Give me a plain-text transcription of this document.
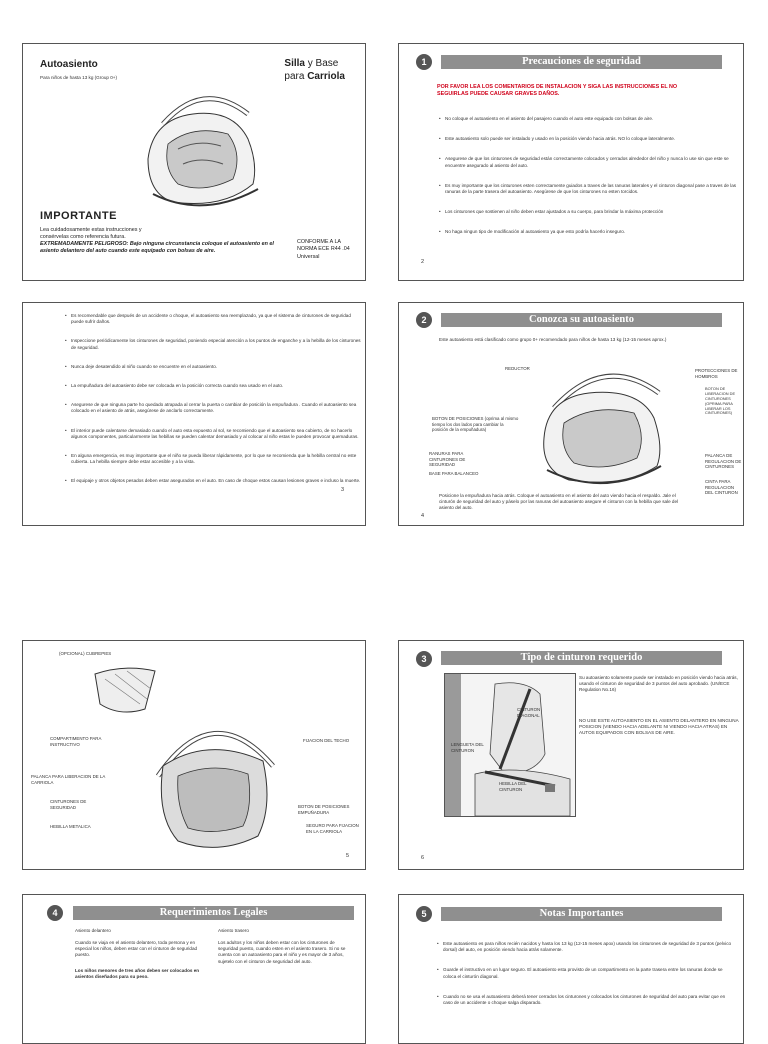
Autoasiento
Para niños de hasta 13 kg (Group 0+)
Silla y Base
para Carriola
IMPORTANTE
Lea cuidadosamente estas instrucciones y consérvelas como referencia futura.
EXTREMADAMENTE PELIGROSO: Bajo ninguna circunstancia coloque el autoasiento en el asiento delantero del auto cuando este equipado con bolsas de aire.
CONFORME A LA NORMA ECE R44 .04 Universal
1	Precauciones de seguridad
POR FAVOR LEA LOS COMENTARIOS DE INSTALACION Y SIGA LAS INSTRUCCIONES EL NO SEGUIRLAS PUEDE CAUSAR GRAVES DAÑOS.
• No coloque el autoasiento en el asiento del pasajero cuando el auto este equipado con bolsas de aire.
• Este autoasiento solo puede ser instalado y usado en la posición viendo hacia atrás. NO lo coloque lateralmente.
• Asegurese de que los cinturones de seguridad están correctamente colocados y cerrados alrededor del niño y nunca lo use sin que este se encuentre asegurado al asiento del auto.
• Es muy importante que los cinturones esten correctamente guiados a traves de las ranuras laterales y el cinturon diagonal pase a traves de las ranuras de la parte trasera del autoasiento. Asegúrese de que los cinturones no esten torcidos.
• Los cinturones que sostienen al niño deben estar ajustados a su cuerpo, para brindar la máxima protección
• No haga ningun tipo de modificación al autoasiento ya que esto podría hacerlo inseguro.
2
• Es recomendable que después de un accidente o choque, el autoasiento sea reemplazado, ya que el sistema de cinturones de seguridad puede sufrir daños.
• Inspeccione periódicamente los cinturones de seguridad, poniendo especial atención a los puntos de enganche y a la hebilla de los cinturones de seguridad.
• Nunca deje desatendido al niño cuando se encuentre en el autoasiento.
• La empuñadura del autoasiento debe ser colocada en la posición correcta cuando sea usado en el auto.
• Asegurese de que ninguna parte ho quedado atrapada al cerrar la puerta o cambiar de posición la empuñadura . Cuando el autoasiento sea colocado en el asiento de atrás, asegúrese de anclarlo correctamente.
• El interior puede calentarse demasiado cuando el auto esta expuesto al sol, se recomiendo que el autoasiento sea cubierto, de no hacerlo algunos componentes, particularmente las hebillas se pueden calentar demasiado y al colocar al niño estas le pueden provocar quemaduras.
• En alguna emergencia, es muy importante que el niño se pueda liberar rápidamente, por lo que se recomienda que la hebilla central no este cubierta. La hebilla siempre debe estar accesible y a la vista.
• El equipaje y otros objetos pesados deben estar asegurados en el auto. En caso de choque estos causan lesiones graves e incluso la muerte.
3
2	Conozca su autoasiento
Este autoasiento está clasificado como grupo 0+ recomendado para niños de hasta 13 kg (12-15 meses aprox.)
REDUCTOR	PROTECCIONES DE HOMBROS
BOTON DE LIBERACION DE CINTURONES (OPRIMA PARA LIBERAR LOS CINTURONES)
BOTON DE POSICIONES (oprima al mismo tiempo los dos lados para cambiar la posición de la empuñadura)
RANURAS PARA CINTURONES DE SEGURIDAD
BASE PARA BALANCEO
PALANCA DE REGULACION DE CINTURONES
CINTA PARA REGULACION DEL CINTURON
Posicione la empuñadura hacia atrás. Coloque el autoasiento en el asiento del auto viendo hacia el respaldo. Jale el cinturón de seguridad del auto y páselo por las ranuras del autoasiento asegure el cinturon con la hebilla que sale del asiento del auto.
4
(OPCIONAL) CUBREPIES
COMPARTIMENTO PARA INSTRUCTIVO
FIJACION DEL TECHO
PALANCA PARA LIBERACION DE LA CARRIOLA
CINTURONES DE SEGURIDAD	BOTON DE POSICIONES EMPUÑADURA
HEBILLA METALICA	SEGURO PARA FIJACION EN LA CARRIOLA
5
3	Tipo de cinturon requerido
CINTURON DIAGONAL
LENGUETA DEL CINTURON
HEBILLA DEL CINTURON
Su autoasiento solamente puede ser instalado en posición viendo hacia atrás, usando el cinturon de seguridad de 3 puntos del auto aprobado. (UN/ECE Regulation No.16)
NO USE ESTE AUTOASIENTO EN EL ASIENTO DELANTERO EN NINGUNA POSICION (VIENDO HACIA ADELANTE NI VIENDO HACIA ATRAS) EN AUTOS EQUIPADOS CON BOLSAS DE AIRE.
6
4	Requerimientos Legales
Asiento delantero
Cuando se viaja en el asiento delantero, toda persona y en especial los niños, deben estar con el cinturon de seguridad puesto.
Los niños menores de tres años deben ser colocados en asientos diseñados para su peso.
Asiento trasero
Los adultos y los niños deben estar con los cinturones de seguridad puesto, cuando esten en el asiento trasero. Si no se cuenta con un autoasiento para el niño y es mayor de 3 años, sujetelo con el cinturon de seguridad del auto.
5	Notas Importantes
• Este autoasiento es para niños recién nacidos y hasta los 13 kg (12-15 meses apox) usando los cinturones de seguridad de 3 puntos (pelvico dorsal) del auto, en posición viendo hacia atrás solamente.
• Guarde el instructivo en un lugar seguro. El autoasiento esta provisto de un compartimento en la parte trasera entre los ranuras donde se coloca el cinturón diagonal.
• Cuando no se usa el autoasiento deberá tener cerrados los cinturones y colocados los cinturones de seguridad del auto para evitar que en caso de un accidente o choque salga disparado.
